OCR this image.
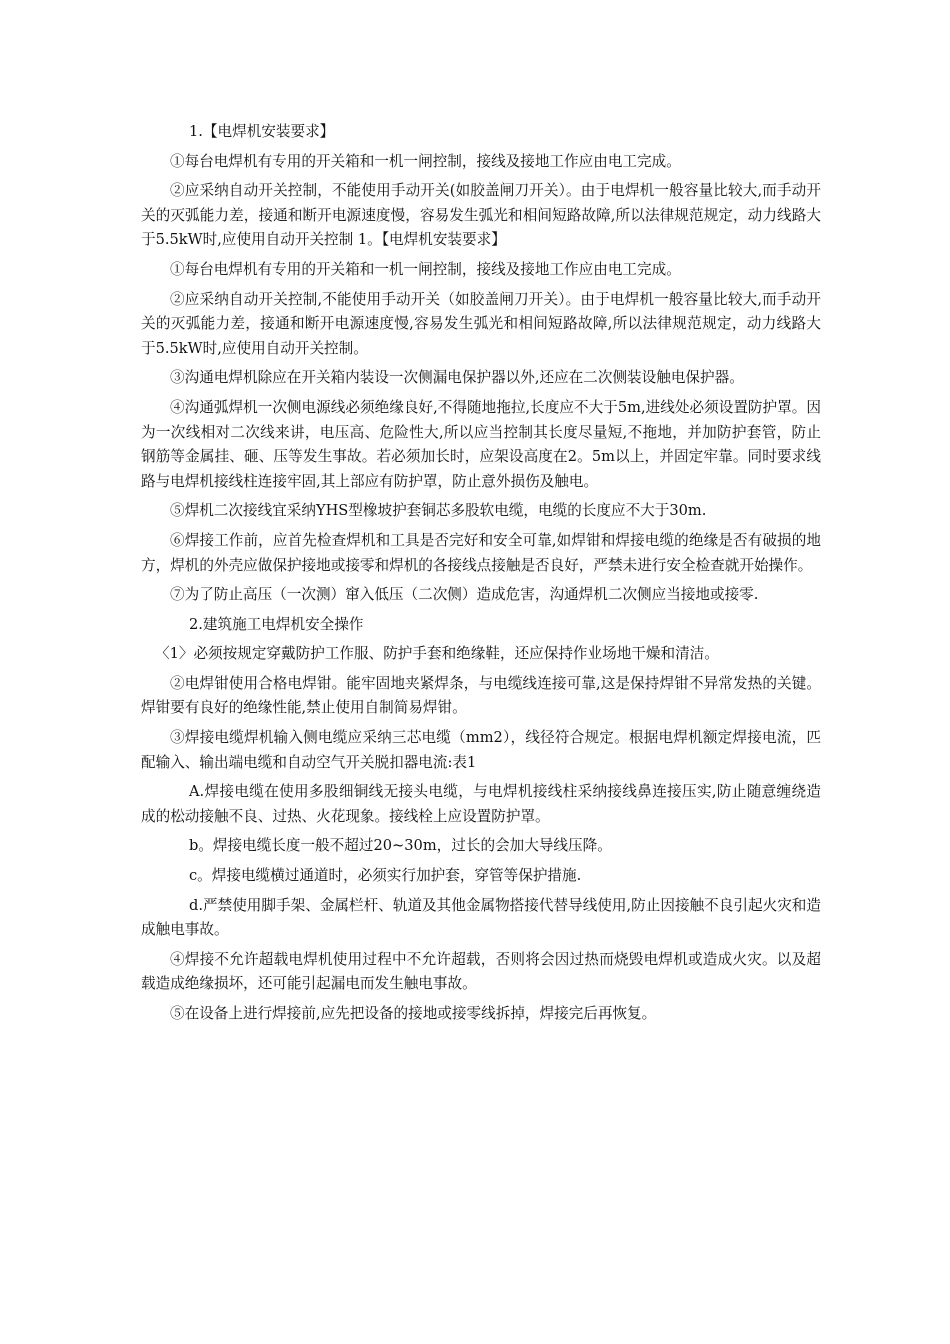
1.【电焊机安装要求】

①每台电焊机有专用的开关箱和一机一闸控制，接线及接地工作应由电工完成。

②应采纳自动开关控制，不能使用手动开关(如胶盖闸刀开关）。由于电焊机一般容量比较大,而手动开关的灭弧能力差，接通和断开电源速度慢，容易发生弧光和相间短路故障,所以法律规范规定，动力线路大于5.5kW时,应使用自动开关控制 1。【电焊机安装要求】

①每台电焊机有专用的开关箱和一机一闸控制，接线及接地工作应由电工完成。

②应采纳自动开关控制,不能使用手动开关（如胶盖闸刀开关）。由于电焊机一般容量比较大,而手动开关的灭弧能力差，接通和断开电源速度慢,容易发生弧光和相间短路故障,所以法律规范规定，动力线路大于5.5kW时,应使用自动开关控制。

③沟通电焊机除应在开关箱内装设一次侧漏电保护器以外,还应在二次侧装设触电保护器。

④沟通弧焊机一次侧电源线必须绝缘良好,不得随地拖拉,长度应不大于5m,进线处必须设置防护罩。因为一次线相对二次线来讲，电压高、危险性大,所以应当控制其长度尽量短,不拖地，并加防护套管，防止钢筋等金属挂、砸、压等发生事故。若必须加长时，应架设高度在2。5m以上，并固定牢靠。同时要求线路与电焊机接线柱连接牢固,其上部应有防护罩，防止意外损伤及触电。

⑤焊机二次接线宜采纳YHS型橡坡护套铜芯多股软电缆，电缆的长度应不大于30m.

⑥焊接工作前，应首先检查焊机和工具是否完好和安全可靠,如焊钳和焊接电缆的绝缘是否有破损的地方，焊机的外壳应做保护接地或接零和焊机的各接线点接触是否良好，严禁未进行安全检查就开始操作。

⑦为了防止高压（一次测）窜入低压（二次侧）造成危害，沟通焊机二次侧应当接地或接零.

2.建筑施工电焊机安全操作

〈1〉必须按规定穿戴防护工作服、防护手套和绝缘鞋，还应保持作业场地干燥和清洁。

②电焊钳使用合格电焊钳。能牢固地夹紧焊条，与电缆线连接可靠,这是保持焊钳不异常发热的关键。焊钳要有良好的绝缘性能,禁止使用自制简易焊钳。

③焊接电缆焊机输入侧电缆应采纳三芯电缆（mm2），线径符合规定。根据电焊机额定焊接电流，匹配输入、输出端电缆和自动空气开关脱扣器电流:表1

A.焊接电缆在使用多股细铜线无接头电缆，与电焊机接线柱采纳接线鼻连接压实,防止随意缠绕造成的松动接触不良、过热、火花现象。接线栓上应设置防护罩。

b。焊接电缆长度一般不超过20~30m，过长的会加大导线压降。

c。焊接电缆横过通道时，必须实行加护套，穿管等保护措施.

d.严禁使用脚手架、金属栏杆、轨道及其他金属物搭接代替导线使用,防止因接触不良引起火灾和造成触电事故。

④焊接不允许超载电焊机使用过程中不允许超载，否则将会因过热而烧毁电焊机或造成火灾。以及超载造成绝缘损坏，还可能引起漏电而发生触电事故。

⑤在设备上进行焊接前,应先把设备的接地或接零线拆掉，焊接完后再恢复。
